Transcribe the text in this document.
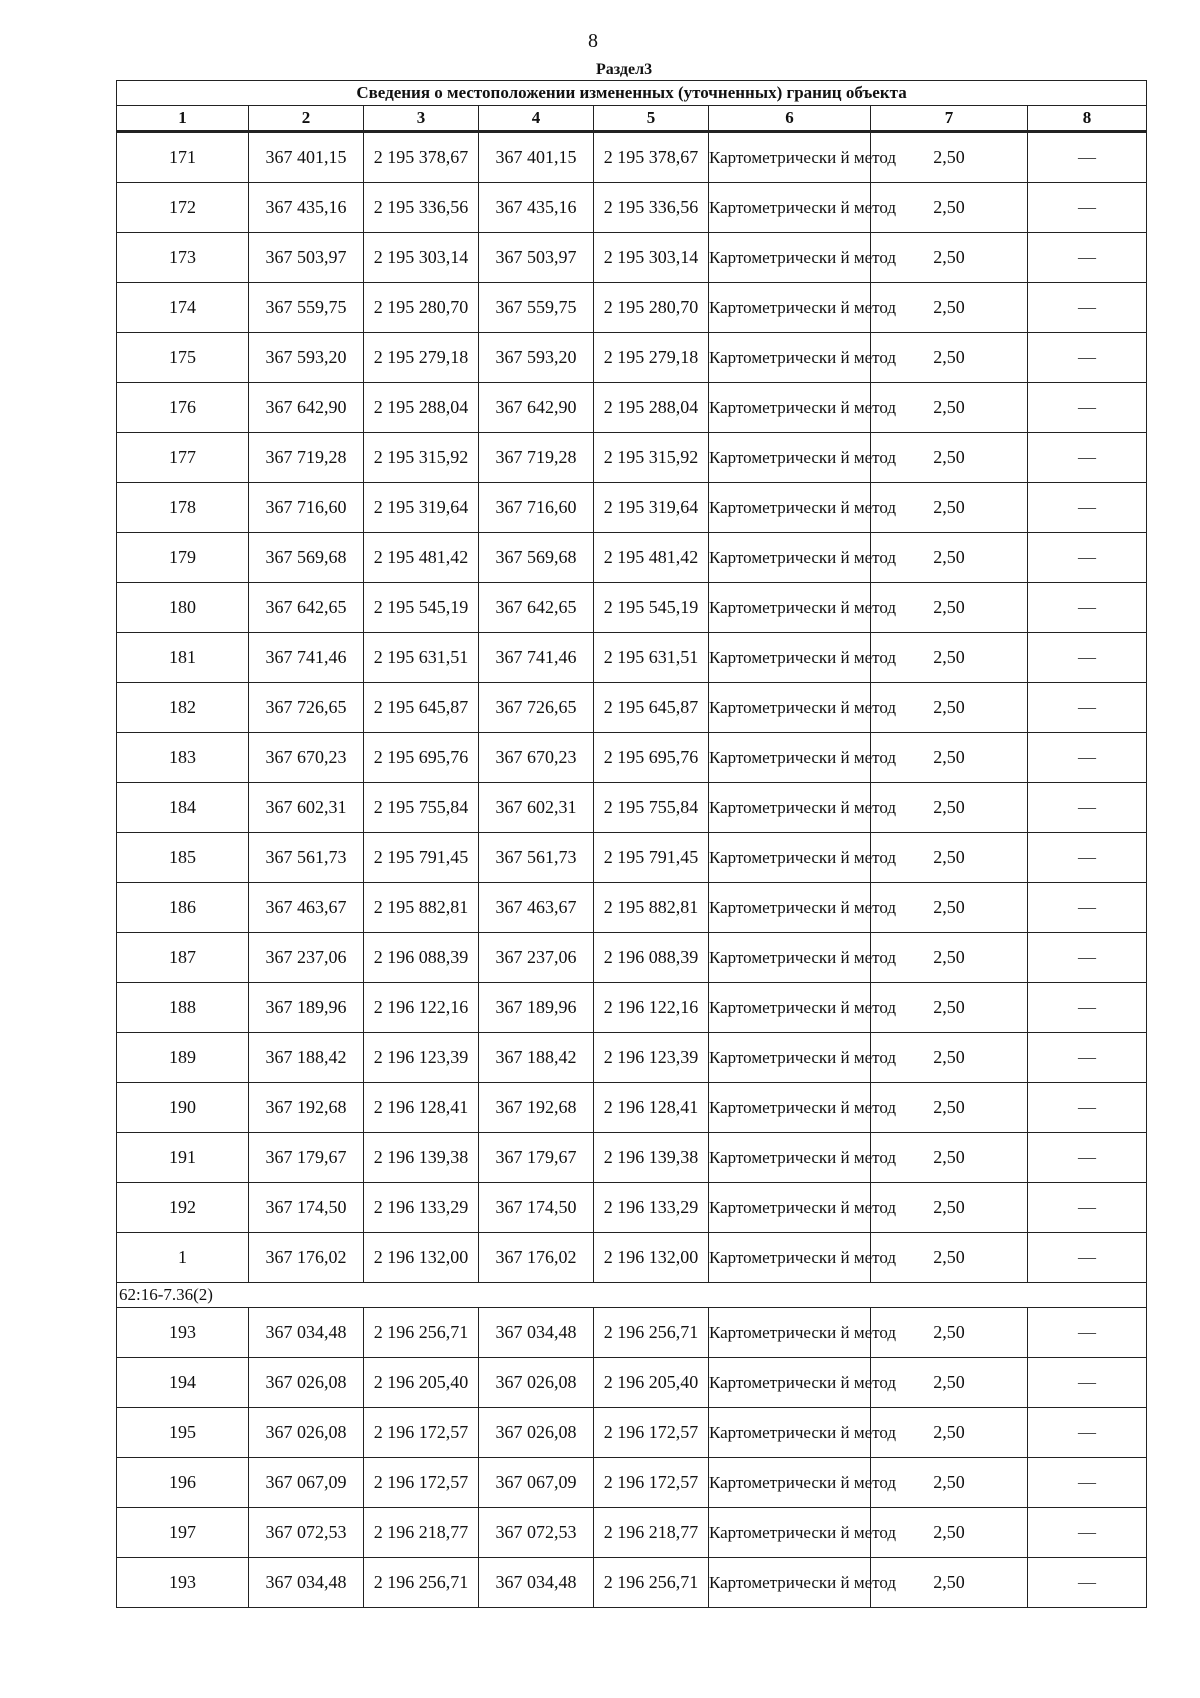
8
Раздел3
Сведения о местоположении измененных (уточненных) границ объекта							
1	2	3	4	5	6	7	8
171	367 401,15	2 195 378,67	367 401,15	2 195 378,67	Картометрически й метод	2,50	—
172	367 435,16	2 195 336,56	367 435,16	2 195 336,56	Картометрически й метод	2,50	—
173	367 503,97	2 195 303,14	367 503,97	2 195 303,14	Картометрически й метод	2,50	—
174	367 559,75	2 195 280,70	367 559,75	2 195 280,70	Картометрически й метод	2,50	—
175	367 593,20	2 195 279,18	367 593,20	2 195 279,18	Картометрически й метод	2,50	—
176	367 642,90	2 195 288,04	367 642,90	2 195 288,04	Картометрически й метод	2,50	—
177	367 719,28	2 195 315,92	367 719,28	2 195 315,92	Картометрически й метод	2,50	—
178	367 716,60	2 195 319,64	367 716,60	2 195 319,64	Картометрически й метод	2,50	—
179	367 569,68	2 195 481,42	367 569,68	2 195 481,42	Картометрически й метод	2,50	—
180	367 642,65	2 195 545,19	367 642,65	2 195 545,19	Картометрически й метод	2,50	—
181	367 741,46	2 195 631,51	367 741,46	2 195 631,51	Картометрически й метод	2,50	—
182	367 726,65	2 195 645,87	367 726,65	2 195 645,87	Картометрически й метод	2,50	—
183	367 670,23	2 195 695,76	367 670,23	2 195 695,76	Картометрически й метод	2,50	—
184	367 602,31	2 195 755,84	367 602,31	2 195 755,84	Картометрически й метод	2,50	—
185	367 561,73	2 195 791,45	367 561,73	2 195 791,45	Картометрически й метод	2,50	—
186	367 463,67	2 195 882,81	367 463,67	2 195 882,81	Картометрически й метод	2,50	—
187	367 237,06	2 196 088,39	367 237,06	2 196 088,39	Картометрически й метод	2,50	—
188	367 189,96	2 196 122,16	367 189,96	2 196 122,16	Картометрически й метод	2,50	—
189	367 188,42	2 196 123,39	367 188,42	2 196 123,39	Картометрически й метод	2,50	—
190	367 192,68	2 196 128,41	367 192,68	2 196 128,41	Картометрически й метод	2,50	—
191	367 179,67	2 196 139,38	367 179,67	2 196 139,38	Картометрически й метод	2,50	—
192	367 174,50	2 196 133,29	367 174,50	2 196 133,29	Картометрически й метод	2,50	—
1	367 176,02	2 196 132,00	367 176,02	2 196 132,00	Картометрически й метод	2,50	—
62:16-7.36(2)							
193	367 034,48	2 196 256,71	367 034,48	2 196 256,71	Картометрически й метод	2,50	—
194	367 026,08	2 196 205,40	367 026,08	2 196 205,40	Картометрически й метод	2,50	—
195	367 026,08	2 196 172,57	367 026,08	2 196 172,57	Картометрически й метод	2,50	—
196	367 067,09	2 196 172,57	367 067,09	2 196 172,57	Картометрически й метод	2,50	—
197	367 072,53	2 196 218,77	367 072,53	2 196 218,77	Картометрически й метод	2,50	—
193	367 034,48	2 196 256,71	367 034,48	2 196 256,71	Картометрически й метод	2,50	—
